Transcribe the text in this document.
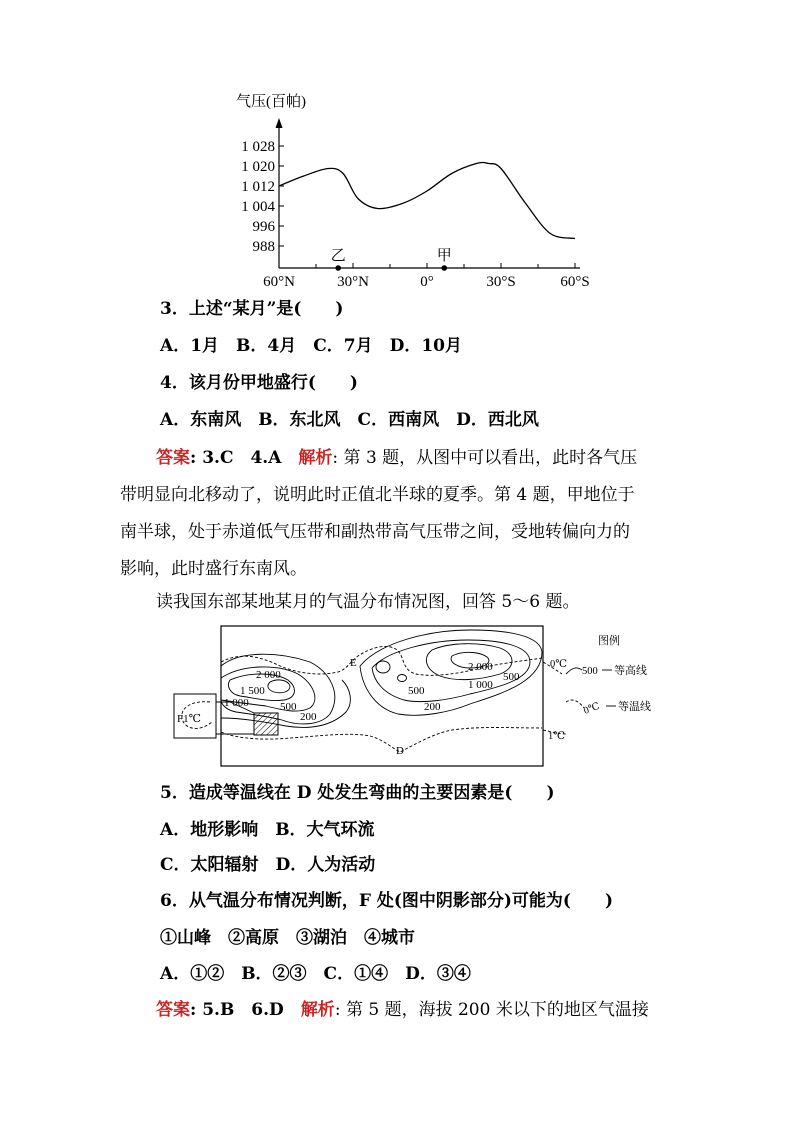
气压(百帕)
1 028
1 020
1 012
1 004
996
988
60°N	30°N	0°	30°S	60°S
乙	甲
3．上述“某月”是(　　)
A．1月　B．4月　C．7月　D．10月
4．该月份甲地盛行(　　)
A．东南风　B．东北风　C．西南风　D．西北风
答案: 3.C　4.A　解析: 第 3 题，从图中可以看出，此时各气压
带明显向北移动了，说明此时正值北半球的夏季。第 4 题，甲地位于
南半球，处于赤道低气压带和副热带高气压带之间，受地转偏向力的
影响，此时盛行东南风。
读我国东部某地某月的气温分布情况图，回答 5～6 题。
F1℃
2 000
1 500
1 000	500
200
E	2 000
1 000
500
500
200
0℃
1℃
D
图例
500 等高线
0℃ 等温线
5．造成等温线在 D 处发生弯曲的主要因素是(　　)
A．地形影响　B．大气环流
C．太阳辐射　D．人为活动
6．从气温分布情况判断，F 处(图中阴影部分)可能为(　　)
①山峰　②高原　③湖泊　④城市
A．①②　B．②③　C．①④　D．③④
答案: 5.B　6.D　解析: 第 5 题，海拔 200 米以下的地区气温接
